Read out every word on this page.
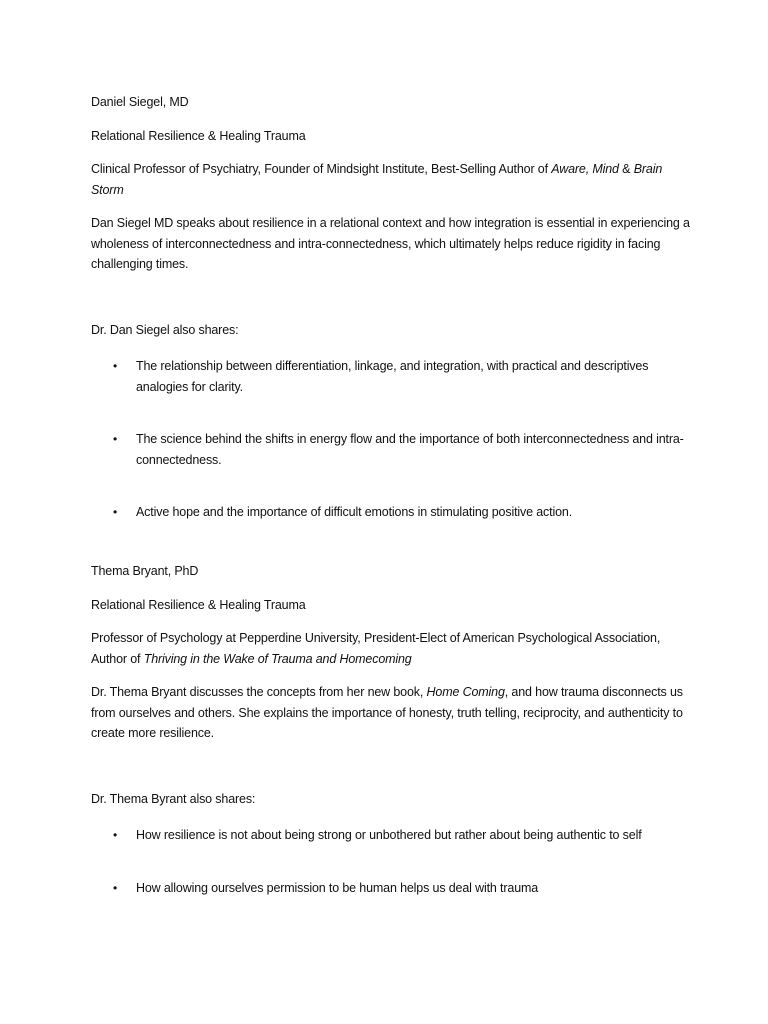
Daniel Siegel, MD

Relational Resilience & Healing Trauma

Clinical Professor of Psychiatry, Founder of Mindsight Institute, Best-Selling Author of Aware, Mind & Brain Storm

Dan Siegel MD speaks about resilience in a relational context and how integration is essential in experiencing a wholeness of interconnectedness and intra-connectedness, which ultimately helps reduce rigidity in facing challenging times.

Dr. Dan Siegel also shares:

• The relationship between differentiation, linkage, and integration, with practical and descriptives analogies for clarity.
• The science behind the shifts in energy flow and the importance of both interconnectedness and intra-connectedness.
• Active hope and the importance of difficult emotions in stimulating positive action.

Thema Bryant, PhD

Relational Resilience & Healing Trauma

Professor of Psychology at Pepperdine University, President-Elect of American Psychological Association, Author of Thriving in the Wake of Trauma and Homecoming

Dr. Thema Bryant discusses the concepts from her new book, Home Coming, and how trauma disconnects us from ourselves and others. She explains the importance of honesty, truth telling, reciprocity, and authenticity to create more resilience.

Dr. Thema Byrant also shares:

• How resilience is not about being strong or unbothered but rather about being authentic to self
• How allowing ourselves permission to be human helps us deal with trauma
